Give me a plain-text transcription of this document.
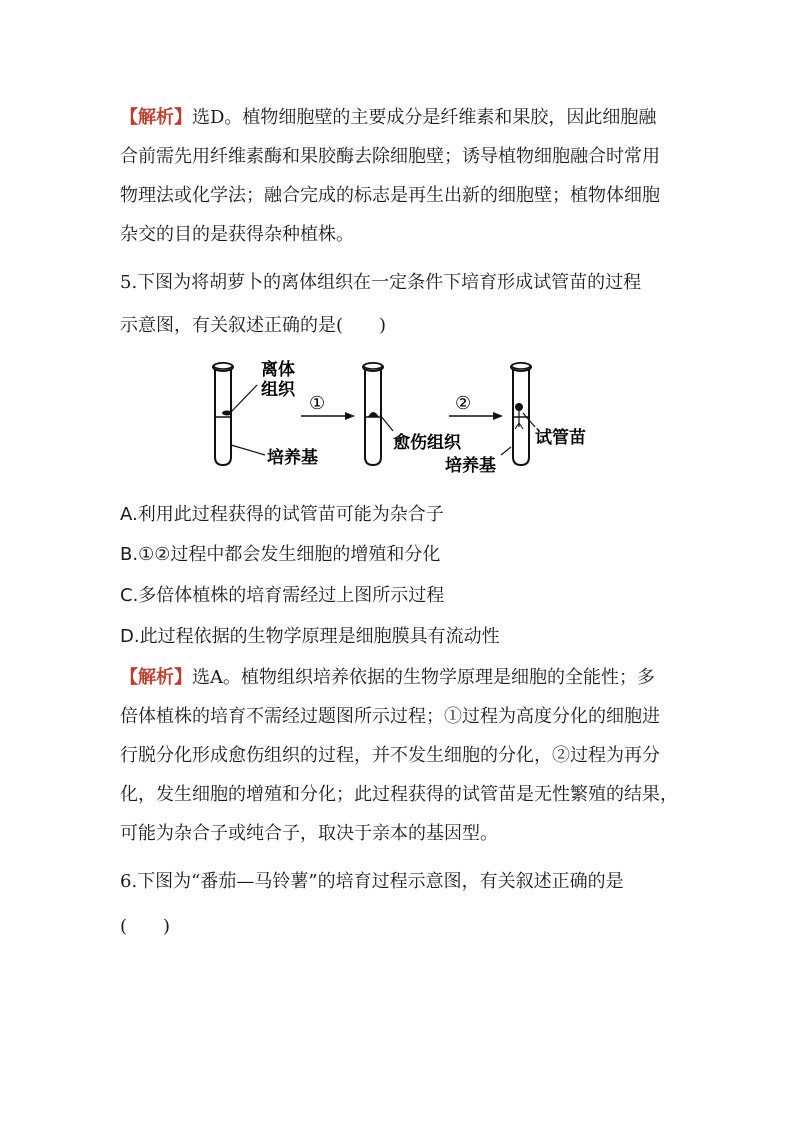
【解析】选D。植物细胞壁的主要成分是纤维素和果胶，因此细胞融
合前需先用纤维素酶和果胶酶去除细胞壁；诱导植物细胞融合时常用
物理法或化学法；融合完成的标志是再生出新的细胞壁；植物体细胞
杂交的目的是获得杂种植株。
5.下图为将胡萝卜的离体组织在一定条件下培育形成试管苗的过程
示意图，有关叙述正确的是(　　)
离体
组织
培养基
①
愈伤组织
②
试管苗
培养基
A.利用此过程获得的试管苗可能为杂合子
B.①②过程中都会发生细胞的增殖和分化
C.多倍体植株的培育需经过上图所示过程
D.此过程依据的生物学原理是细胞膜具有流动性
【解析】选A。植物组织培养依据的生物学原理是细胞的全能性；多
倍体植株的培育不需经过题图所示过程；①过程为高度分化的细胞进
行脱分化形成愈伤组织的过程，并不发生细胞的分化，②过程为再分
化，发生细胞的增殖和分化；此过程获得的试管苗是无性繁殖的结果，
可能为杂合子或纯合子，取决于亲本的基因型。
6.下图为“番茄—马铃薯”的培育过程示意图，有关叙述正确的是
(　　)
